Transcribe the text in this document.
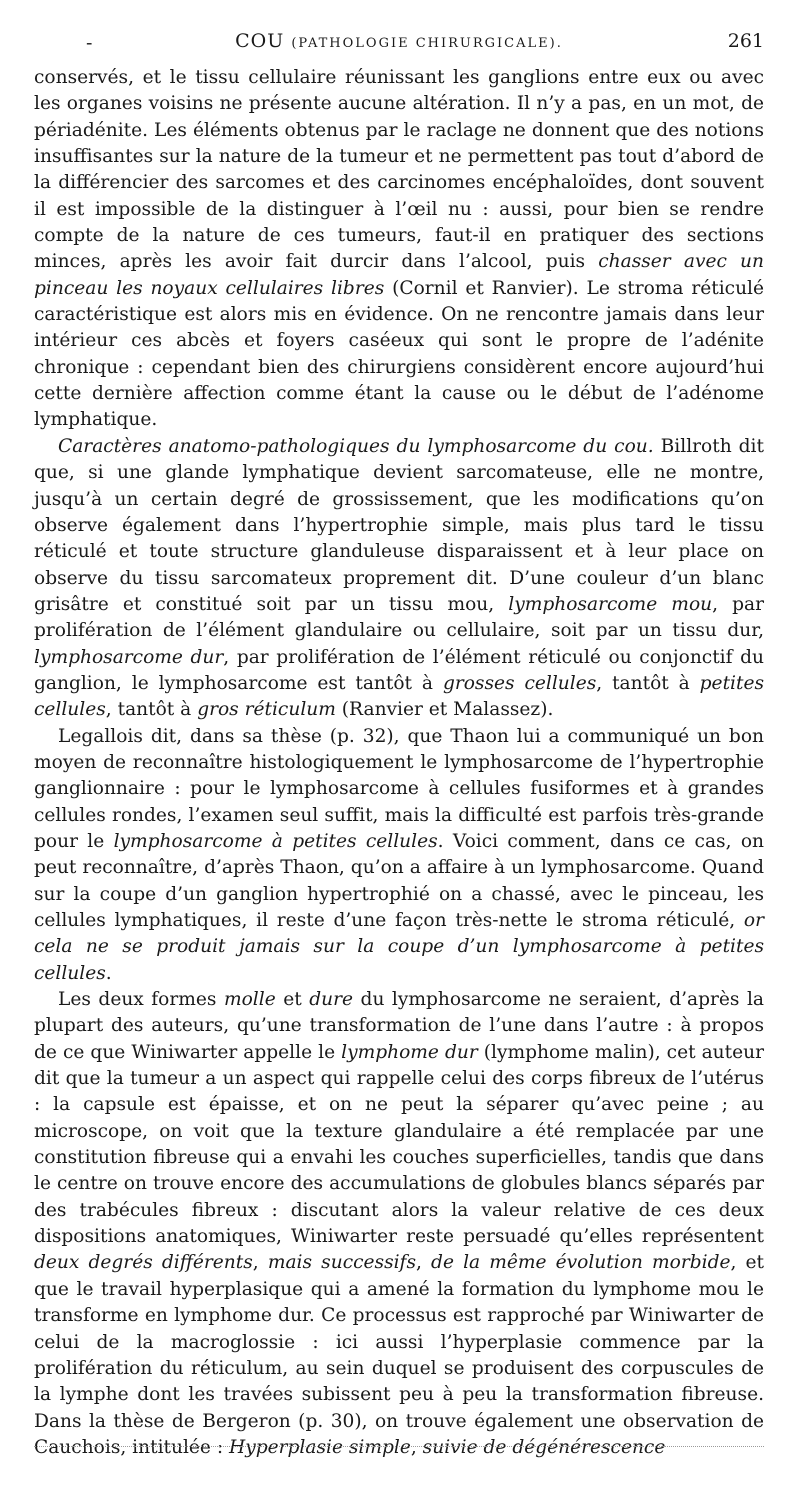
-	COU (PATHOLOGIE CHIRURGICALE).	261

conservés, et le tissu cellulaire réunissant les ganglions entre eux ou avec les organes voisins ne présente aucune altération. Il n’y a pas, en un mot, de périadénite. Les éléments obtenus par le raclage ne donnent que des notions insuffisantes sur la nature de la tumeur et ne permettent pas tout d’abord de la différencier des sarcomes et des carcinomes encéphaloïdes, dont souvent il est impossible de la distinguer à l’œil nu : aussi, pour bien se rendre compte de la nature de ces tumeurs, faut-il en pratiquer des sections minces, après les avoir fait durcir dans l’alcool, puis chasser avec un pinceau les noyaux cellulaires libres (Cornil et Ranvier). Le stroma réticulé caractéristique est alors mis en évidence. On ne rencontre jamais dans leur intérieur ces abcès et foyers caséeux qui sont le propre de l’adénite chronique : cependant bien des chirurgiens considèrent encore aujourd’hui cette dernière affection comme étant la cause ou le début de l’adénome lymphatique.

Caractères anatomo-pathologiques du lymphosarcome du cou. Billroth dit que, si une glande lymphatique devient sarcomateuse, elle ne montre, jusqu’à un certain degré de grossissement, que les modifications qu’on observe également dans l’hypertrophie simple, mais plus tard le tissu réticulé et toute structure glanduleuse disparaissent et à leur place on observe du tissu sarcomateux proprement dit. D’une couleur d’un blanc grisâtre et constitué soit par un tissu mou, lymphosarcome mou, par prolifération de l’élément glandulaire ou cellulaire, soit par un tissu dur, lymphosarcome dur, par prolifération de l’élément réticulé ou conjonctif du ganglion, le lymphosarcome est tantôt à grosses cellules, tantôt à petites cellules, tantôt à gros réticulum (Ranvier et Malassez).

Legallois dit, dans sa thèse (p. 32), que Thaon lui a communiqué un bon moyen de reconnaître histologiquement le lymphosarcome de l’hypertrophie ganglionnaire : pour le lymphosarcome à cellules fusiformes et à grandes cellules rondes, l’examen seul suffit, mais la difficulté est parfois très-grande pour le lymphosarcome à petites cellules. Voici comment, dans ce cas, on peut reconnaître, d’après Thaon, qu’on a affaire à un lymphosarcome. Quand sur la coupe d’un ganglion hypertrophié on a chassé, avec le pinceau, les cellules lymphatiques, il reste d’une façon très-nette le stroma réticulé, or cela ne se produit jamais sur la coupe d’un lymphosarcome à petites cellules.

Les deux formes molle et dure du lymphosarcome ne seraient, d’après la plupart des auteurs, qu’une transformation de l’une dans l’autre : à propos de ce que Winiwarter appelle le lymphome dur (lymphome malin), cet auteur dit que la tumeur a un aspect qui rappelle celui des corps fibreux de l’utérus : la capsule est épaisse, et on ne peut la séparer qu’avec peine ; au microscope, on voit que la texture glandulaire a été remplacée par une constitution fibreuse qui a envahi les couches superficielles, tandis que dans le centre on trouve encore des accumulations de globules blancs séparés par des trabécules fibreux : discutant alors la valeur relative de ces deux dispositions anatomiques, Winiwarter reste persuadé qu’elles représentent deux degrés différents, mais successifs, de la même évolution morbide, et que le travail hyperplasique qui a amené la formation du lymphome mou le transforme en lymphome dur. Ce processus est rapproché par Winiwarter de celui de la macroglossie : ici aussi l’hyperplasie commence par la prolifération du réticulum, au sein duquel se produisent des corpuscules de la lymphe dont les travées subissent peu à peu la transformation fibreuse. Dans la thèse de Bergeron (p. 30), on trouve également une observation de Cauchois, intitulée : Hyperplasie simple, suivie de dégénérescence
